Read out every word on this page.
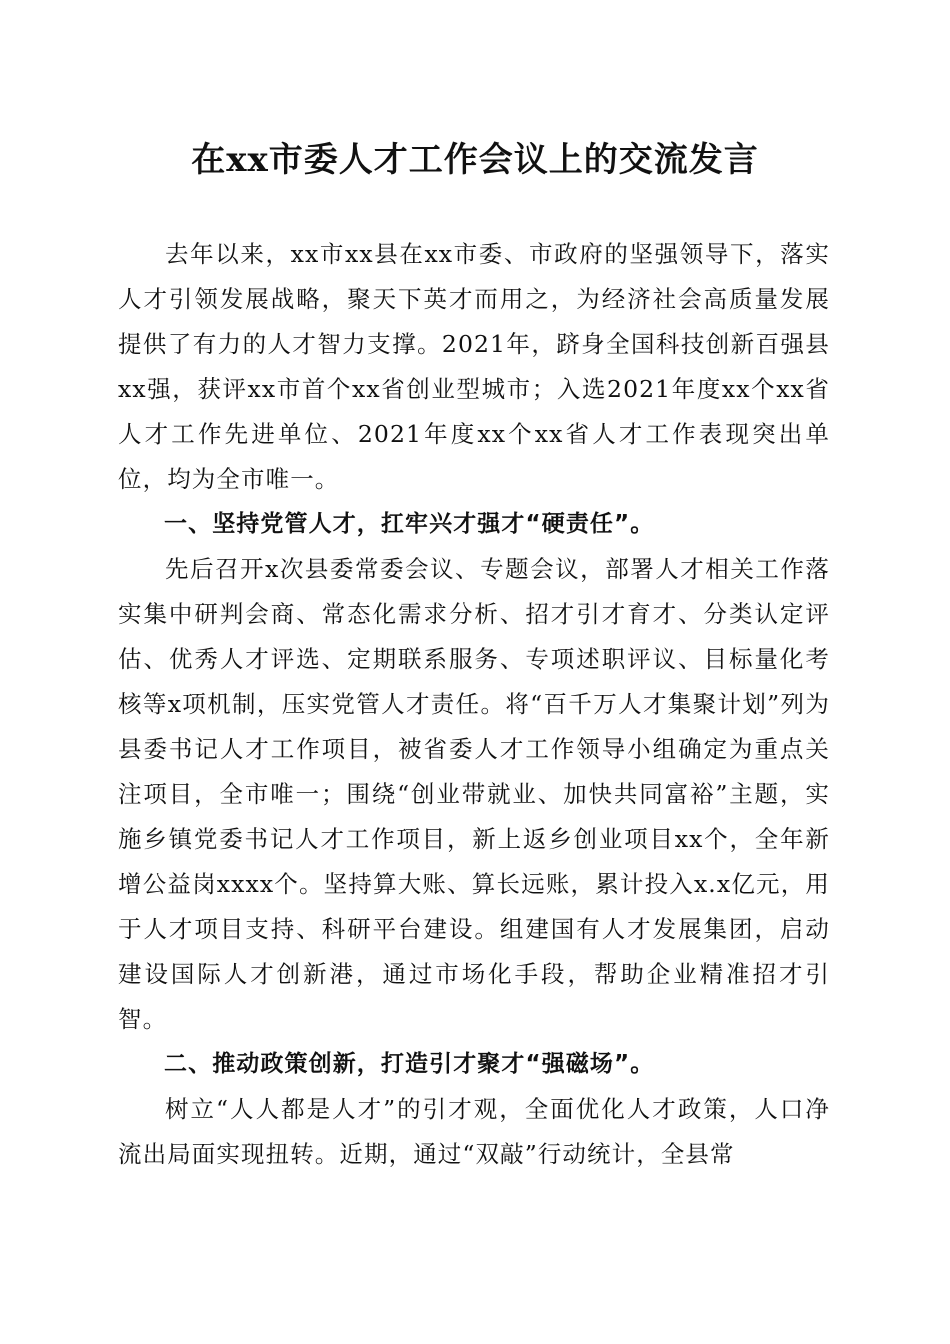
在xx市委人才工作会议上的交流发言

去年以来，xx市xx县在xx市委、市政府的坚强领导下，落实人才引领发展战略，聚天下英才而用之，为经济社会高质量发展提供了有力的人才智力支撑。2021年，跻身全国科技创新百强县xx强，获评xx市首个xx省创业型城市；入选2021年度xx个xx省人才工作先进单位、2021年度xx个xx省人才工作表现突出单位，均为全市唯一。

一、坚持党管人才，扛牢兴才强才“硬责任”。

先后召开x次县委常委会议、专题会议，部署人才相关工作落实集中研判会商、常态化需求分析、招才引才育才、分类认定评估、优秀人才评选、定期联系服务、专项述职评议、目标量化考核等x项机制，压实党管人才责任。将“百千万人才集聚计划”列为县委书记人才工作项目，被省委人才工作领导小组确定为重点关注项目，全市唯一；围绕“创业带就业、加快共同富裕”主题，实施乡镇党委书记人才工作项目，新上返乡创业项目xx个，全年新增公益岗xxxx个。坚持算大账、算长远账，累计投入x.x亿元，用于人才项目支持、科研平台建设。组建国有人才发展集团，启动建设国际人才创新港，通过市场化手段，帮助企业精准招才引智。

二、推动政策创新，打造引才聚才“强磁场”。

树立“人人都是人才”的引才观，全面优化人才政策，人口净流出局面实现扭转。近期，通过“双敲”行动统计，全县常
